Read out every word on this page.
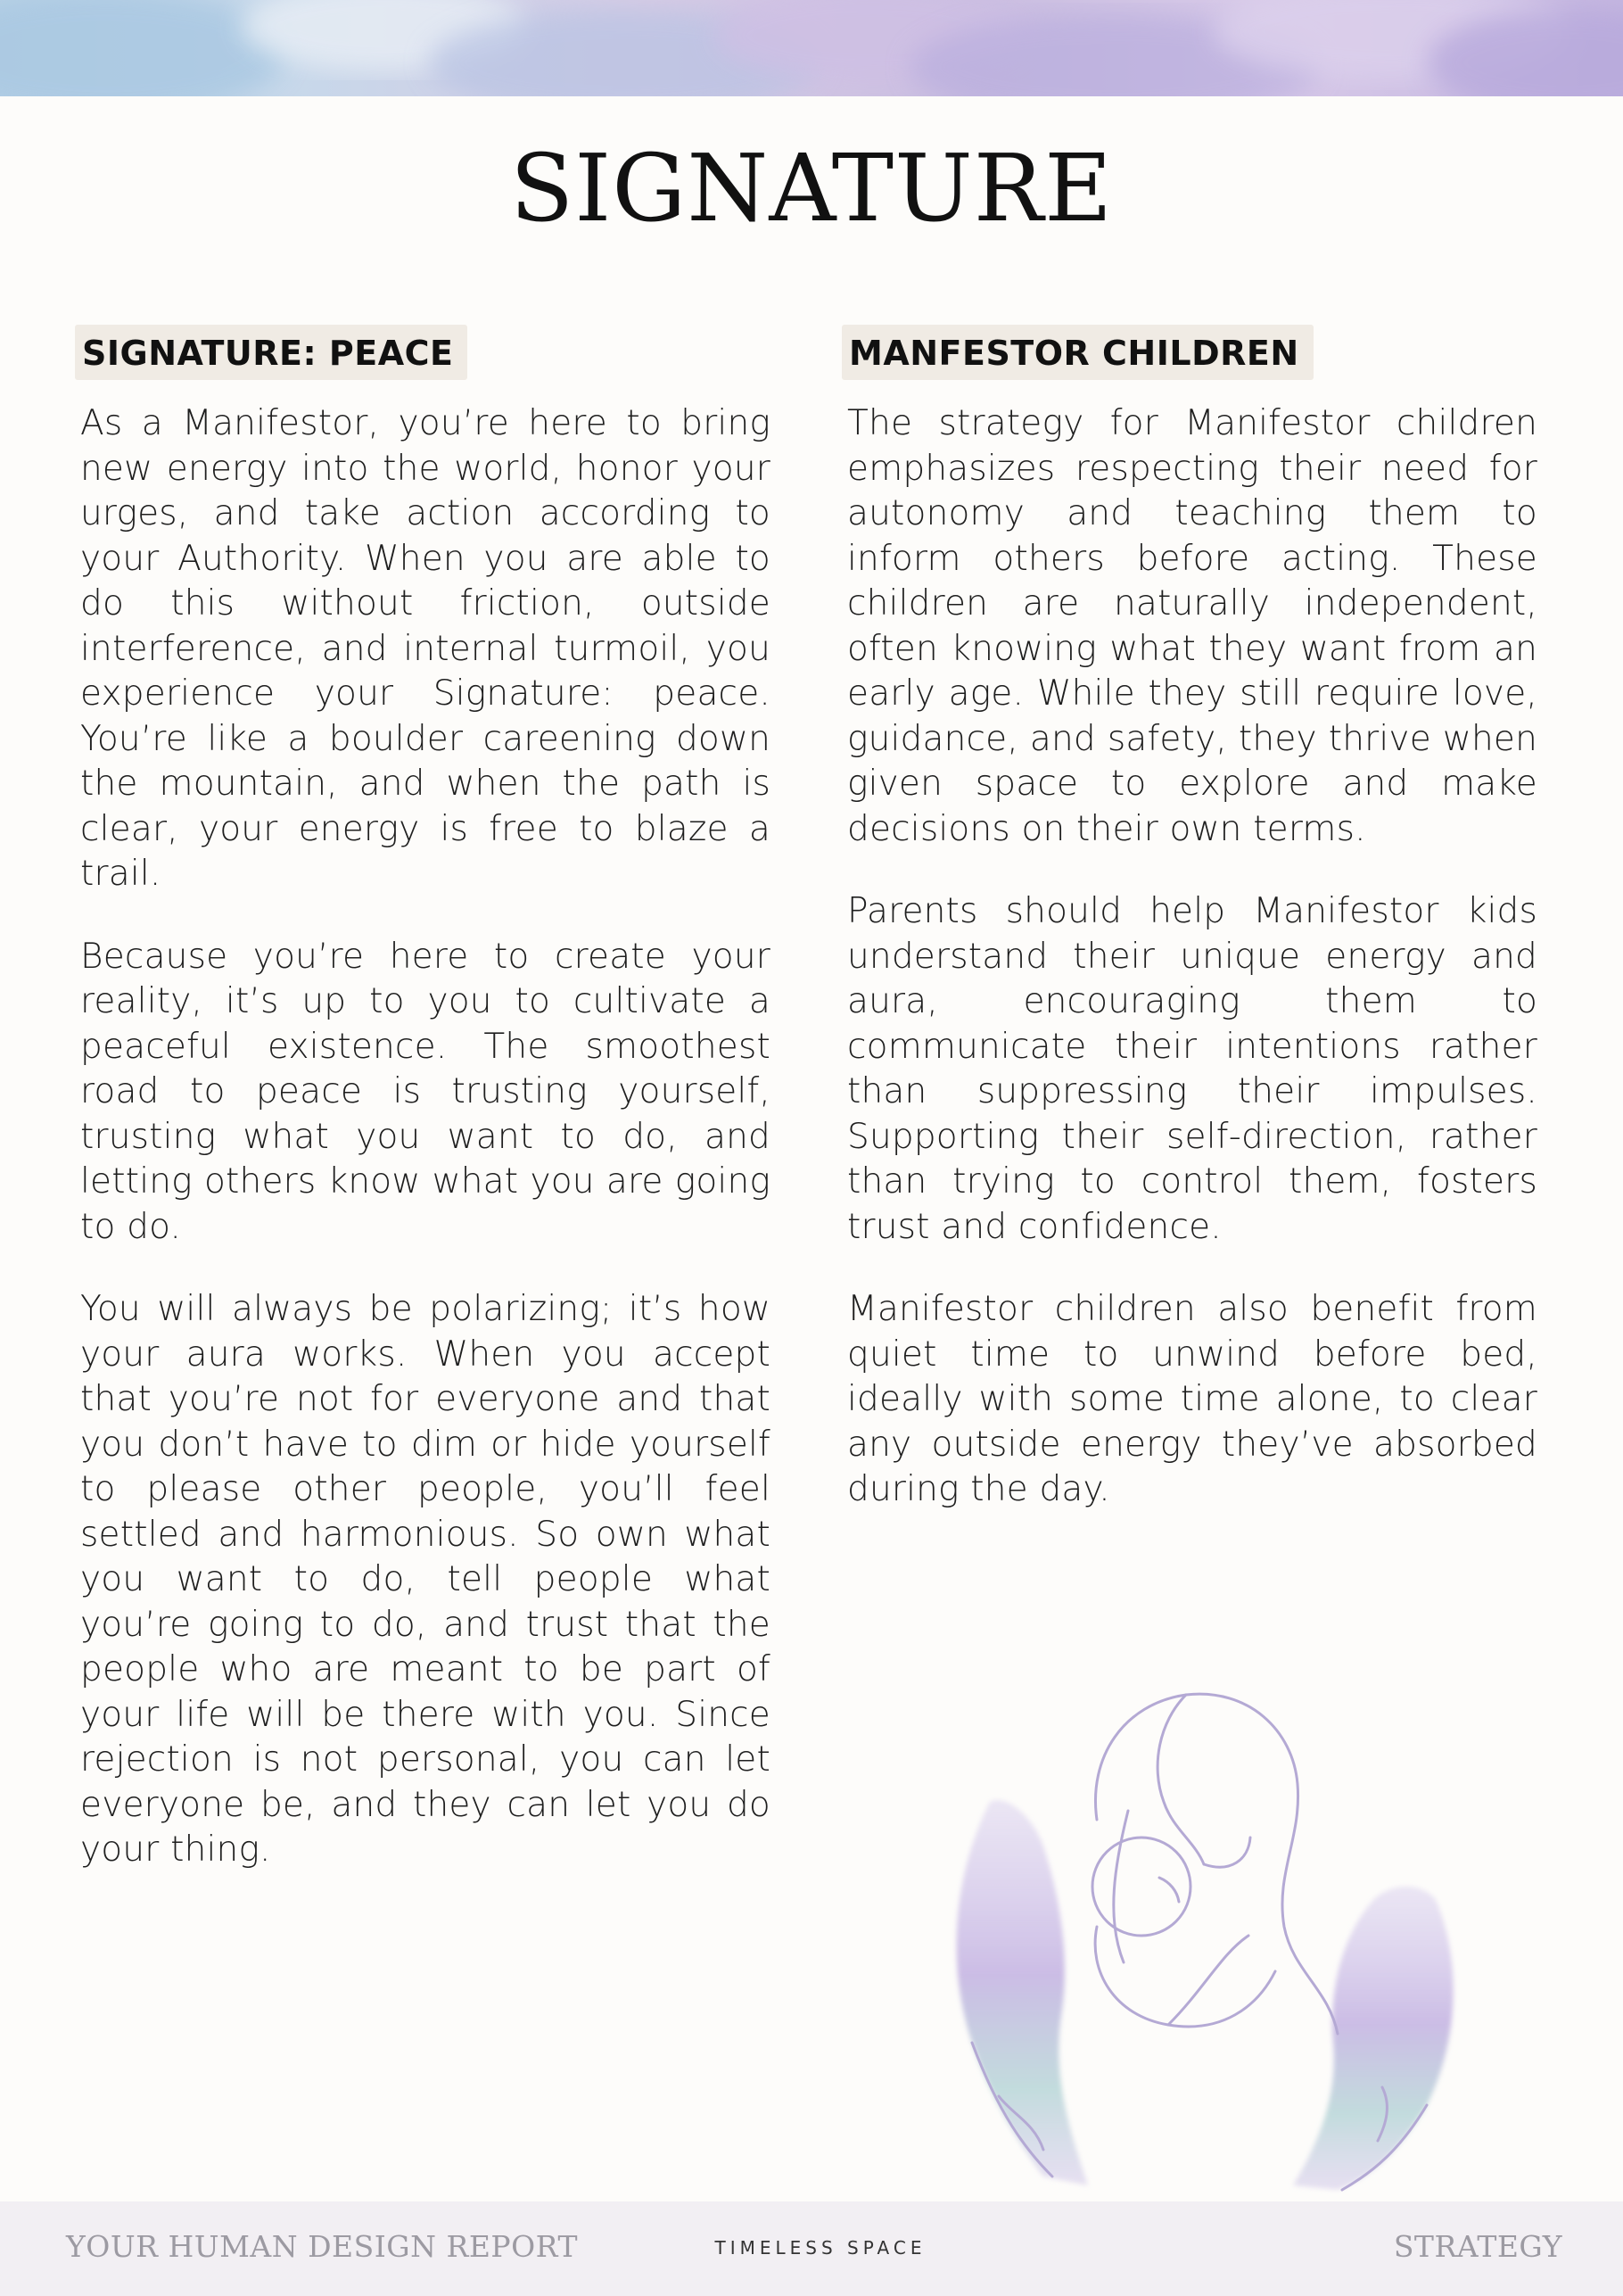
SIGNATURE
SIGNATURE: PEACE

As a Manifestor, you’re here to bring new energy into the world, honor your urges, and take action according to your Authority. When you are able to do this without friction, outside interference, and internal turmoil, you experience your Signature: peace. You’re like a boulder careening down the mountain, and when the path is clear, your energy is free to blaze a trail.

Because you’re here to create your reality, it’s up to you to cultivate a peaceful existence. The smoothest road to peace is trusting yourself, trusting what you want to do, and letting others know what you are going to do.

You will always be polarizing; it’s how your aura works. When you accept that you’re not for everyone and that you don’t have to dim or hide yourself to please other people, you’ll feel settled and harmonious. So own what you want to do, tell people what you’re going to do, and trust that the people who are meant to be part of your life will be there with you. Since rejection is not personal, you can let everyone be, and they can let you do your thing.

MANFESTOR CHILDREN

The strategy for Manifestor children emphasizes respecting their need for autonomy and teaching them to inform others before acting. These children are naturally independent, often knowing what they want from an early age. While they still require love, guidance, and safety, they thrive when given space to explore and make decisions on their own terms.

Parents should help Manifestor kids understand their unique energy and aura, encouraging them to communicate their intentions rather than suppressing their impulses. Supporting their self-direction, rather than trying to control them, fosters trust and confidence.

Manifestor children also benefit from quiet time to unwind before bed, ideally with some time alone, to clear any outside energy they’ve absorbed during the day.

YOUR HUMAN DESIGN REPORT	TIMELESS SPACE	STRATEGY
